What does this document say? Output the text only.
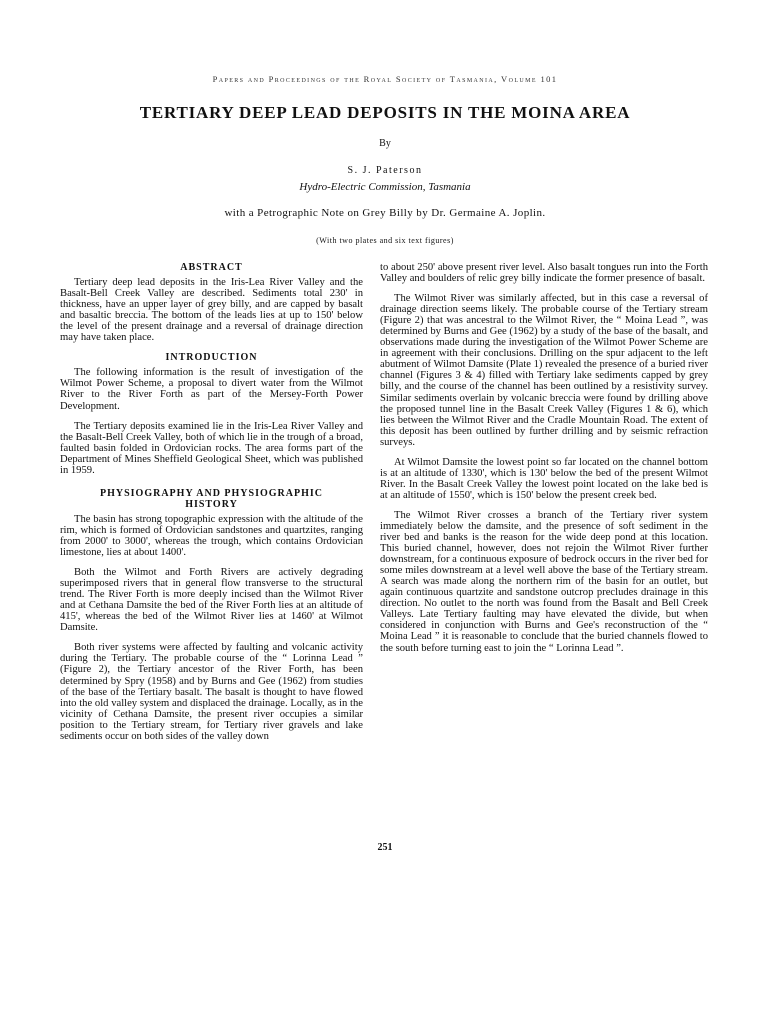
Papers and Proceedings of the Royal Society of Tasmania, Volume 101
TERTIARY DEEP LEAD DEPOSITS IN THE MOINA AREA
By
S. J. Paterson
Hydro-Electric Commission, Tasmania
with a Petrographic Note on Grey Billy by Dr. Germaine A. Joplin.
(With two plates and six text figures)
ABSTRACT

Tertiary deep lead deposits in the Iris-Lea River Valley and the Basalt-Bell Creek Valley are described. Sediments total 230' in thickness, have an upper layer of grey billy, and are capped by basalt and basaltic breccia. The bottom of the leads lies at up to 150' below the level of the present drainage and a reversal of drainage direction may have taken place.

INTRODUCTION

The following information is the result of investigation of the Wilmot Power Scheme, a proposal to divert water from the Wilmot River to the River Forth as part of the Mersey-Forth Power Development.

The Tertiary deposits examined lie in the Iris-Lea River Valley and the Basalt-Bell Creek Valley, both of which lie in the trough of a broad, faulted basin folded in Ordovician rocks. The area forms part of the Department of Mines Sheffield Geological Sheet, which was published in 1959.

PHYSIOGRAPHY AND PHYSIOGRAPHIC
HISTORY

The basin has strong topographic expression with the altitude of the rim, which is formed of Ordovician sandstones and quartzites, ranging from 2000' to 3000', whereas the trough, which contains Ordovician limestone, lies at about 1400'.

Both the Wilmot and Forth Rivers are actively degrading superimposed rivers that in general flow transverse to the structural trend. The River Forth is more deeply incised than the Wilmot River and at Cethana Damsite the bed of the River Forth lies at an altitude of 415', whereas the bed of the Wilmot River lies at 1460' at Wilmot Damsite.

Both river systems were affected by faulting and volcanic activity during the Tertiary. The probable course of the “ Lorinna Lead ” (Figure 2), the Tertiary ancestor of the River Forth, has been determined by Spry (1958) and by Burns and Gee (1962) from studies of the base of the Tertiary basalt. The basalt is thought to have flowed into the old valley system and displaced the drainage. Locally, as in the vicinity of Cethana Damsite, the present river occupies a similar position to the Tertiary stream, for Tertiary river gravels and lake sediments occur on both sides of the valley down

to about 250' above present river level. Also basalt tongues run into the Forth Valley and boulders of relic grey billy indicate the former presence of basalt.

The Wilmot River was similarly affected, but in this case a reversal of drainage direction seems likely. The probable course of the Tertiary stream (Figure 2) that was ancestral to the Wilmot River, the “ Moina Lead ”, was determined by Burns and Gee (1962) by a study of the base of the basalt, and observations made during the investigation of the Wilmot Power Scheme are in agreement with their conclusions. Drilling on the spur adjacent to the left abutment of Wilmot Damsite (Plate 1) revealed the presence of a buried river channel (Figures 3 & 4) filled with Tertiary lake sediments capped by grey billy, and the course of the channel has been outlined by a resistivity survey. Similar sediments overlain by volcanic breccia were found by drilling above the proposed tunnel line in the Basalt Creek Valley (Figures 1 & 6), which lies between the Wilmot River and the Cradle Mountain Road. The extent of this deposit has been outlined by further drilling and by seismic refraction surveys.

At Wilmot Damsite the lowest point so far located on the channel bottom is at an altitude of 1330', which is 130' below the bed of the present Wilmot River. In the Basalt Creek Valley the lowest point located on the lake bed is at an altitude of 1550', which is 150' below the present creek bed.

The Wilmot River crosses a branch of the Tertiary river system immediately below the damsite, and the presence of soft sediment in the river bed and banks is the reason for the wide deep pond at this location. This buried channel, however, does not rejoin the Wilmot River further downstream, for a continuous exposure of bedrock occurs in the river bed for some miles downstream at a level well above the base of the Tertiary stream. A search was made along the northern rim of the basin for an outlet, but again continuous quartzite and sandstone outcrop precludes drainage in this direction. No outlet to the north was found from the Basalt and Bell Creek Valleys. Late Tertiary faulting may have elevated the divide, but when considered in conjunction with Burns and Gee's reconstruction of the “ Moina Lead ” it is reasonable to conclude that the buried channels flowed to the south before turning east to join the “ Lorinna Lead ”.

251
